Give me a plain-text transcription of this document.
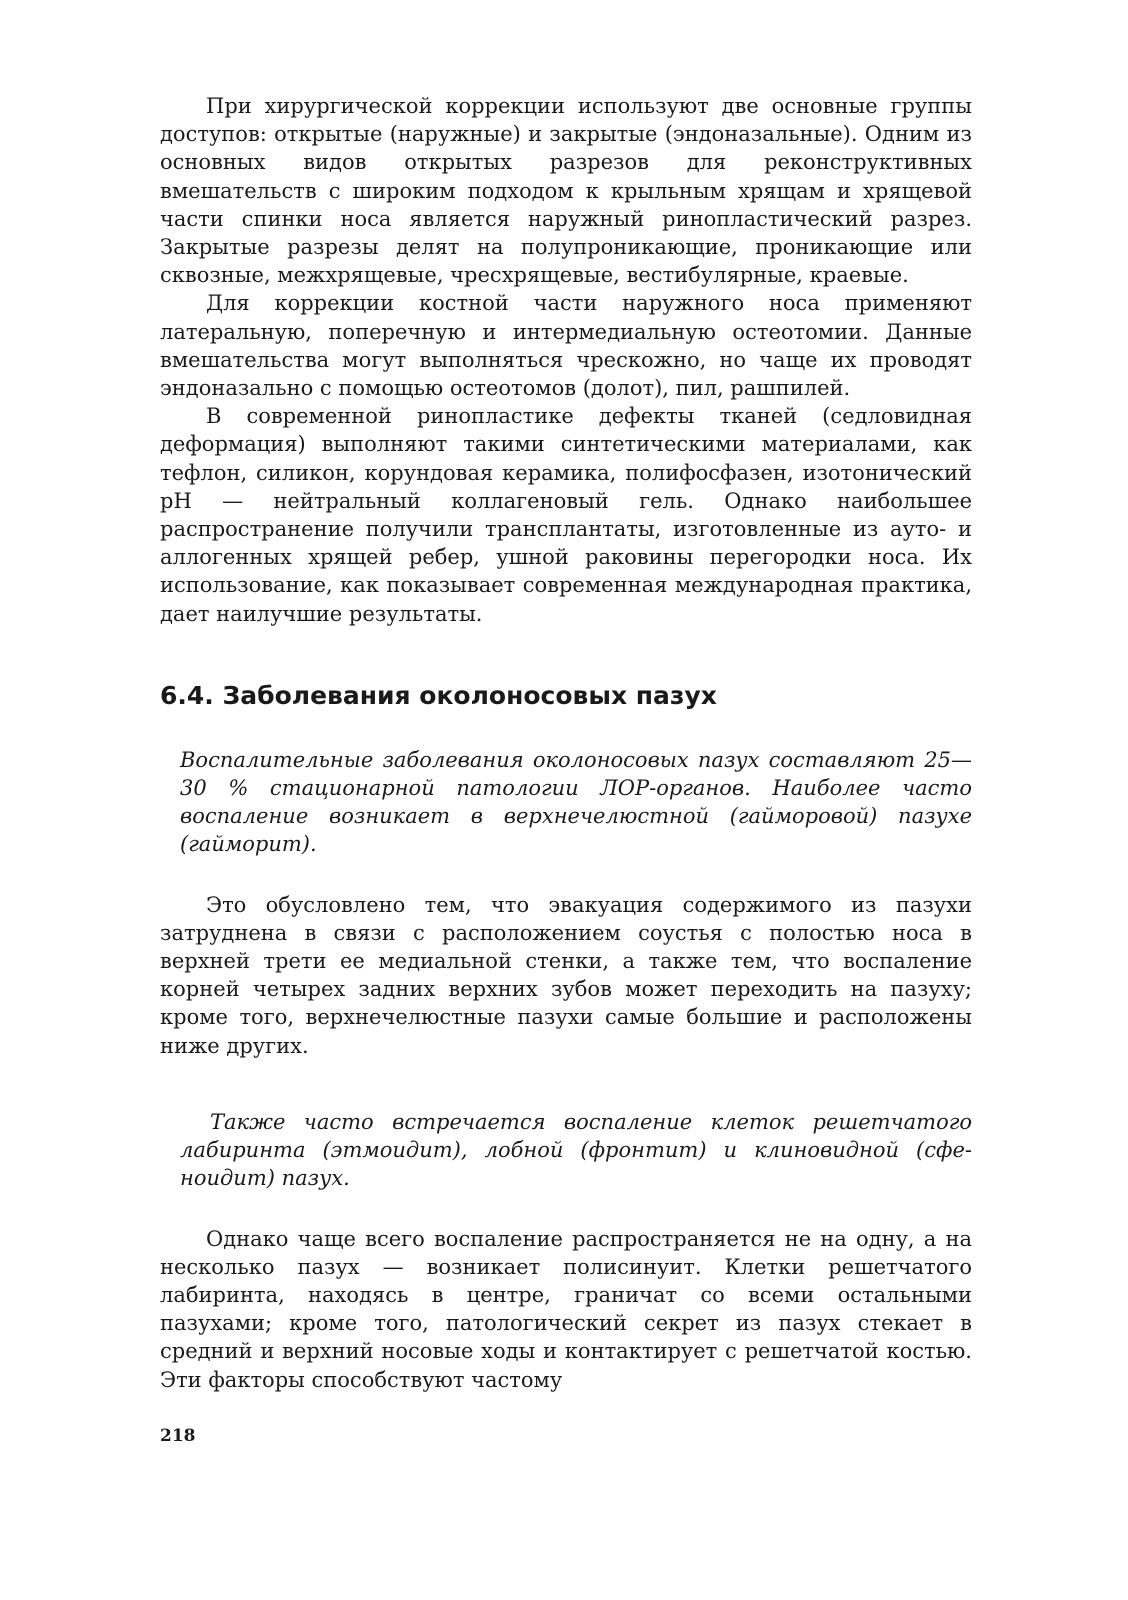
При хирургической коррекции используют две основные группы доступов: открытые (наружные) и закрытые (эндоназальные). Одним из основных видов открытых разрезов для реконструктивных вмешательств с широким подходом к крыльным хрящам и хрящевой части спинки носа является наружный ринопластический разрез. Закрытые разрезы делят на полупроникающие, проникающие или сквозные, межхрящевые, чресхрящевые, вестибулярные, краевые.

Для коррекции костной части наружного носа применяют латеральную, поперечную и интермедиальную остеотомии. Данные вмешательства могут выполняться чрескожно, но чаще их проводят эндоназально с помощью остеотомов (долот), пил, рашпилей.

В современной ринопластике дефекты тканей (седловидная деформация) выполняют такими синтетическими материалами, как тефлон, силикон, корундовая керамика, полифосфазен, изотонический pH — нейтральный коллагеновый гель. Однако наибольшее распространение получили трансплантаты, изготовленные из ауто- и аллогенных хрящей ребер, ушной раковины перегородки носа. Их использование, как показывает современная международная практика, дает наилучшие результаты.

6.4. Заболевания околоносовых пазух

Воспалительные заболевания околоносовых пазух составляют 25—30 % стационарной патологии ЛОР-органов. Наиболее часто воспаление возникает в верхнечелюстной (гайморовой) пазухе (гайморит).

Это обусловлено тем, что эвакуация содержимого из пазухи затруднена в связи с расположением соустья с полостью носа в верхней трети ее медиальной стенки, а также тем, что воспаление корней четырех задних верхних зубов может переходить на пазуху; кроме того, верхнечелюстные пазухи самые большие и расположены ниже других.

Также часто встречается воспаление клеток решетчатого лабиринта (этмоидит), лобной (фронтит) и клиновидной (сфеноидит) пазух.

Однако чаще всего воспаление распространяется не на одну, а на несколько пазух — возникает полисинуит. Клетки решетчатого лабиринта, находясь в центре, граничат со всеми остальными пазухами; кроме того, патологический секрет из пазух стекает в средний и верхний носовые ходы и контактирует с решетчатой костью. Эти факторы способствуют частому

218
